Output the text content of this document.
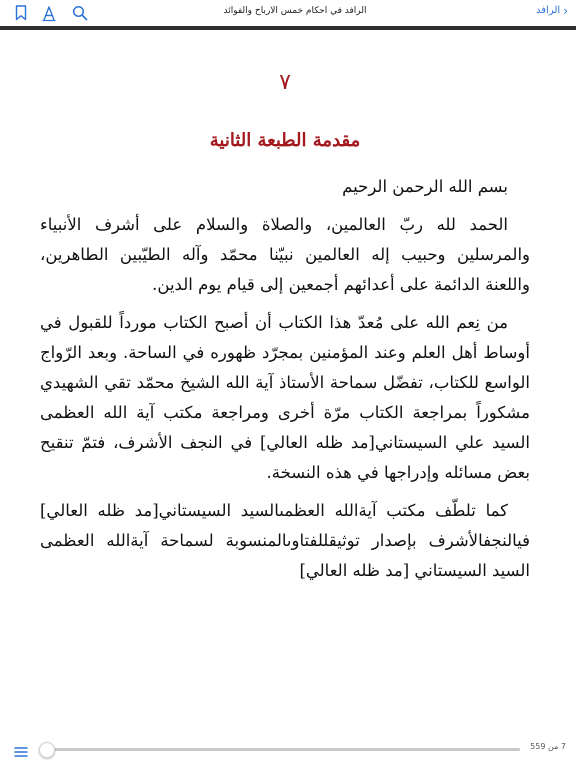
الرافد في أحكام خمس الأرباح والفوائد	‹
الرافد
٧
مقدمة الطبعة الثانية

بسم الله الرحمن الرحيم

الحمد لله ربّ العالمين، والصلاة والسلام على أشرف الأنبياء والمرسلين وحبيب إله العالمين نبيّنا محمّد وآله الطيّبين الطاهرين، واللعنة الدائمة على أعدائهم أجمعين إلى قيام يوم الدين.

من نِعم الله على مُعدّ هذا الكتاب أن أصبح الكتاب مورداً للقبول في أوساط أهل العلم وعند المؤمنين بمجرّد ظهوره في الساحة. وبعد الرّواج الواسع للكتاب، تفضّل سماحة الأستاذ آية الله الشيخ محمّد تقي الشهيدي مشكوراً بمراجعة الكتاب مرّة أخرى ومراجعة مكتب آية الله العظمى السيد علي السيستاني[مد ظله العالي] في النجف الأشرف، فتمّ تنقيح بعض مسائله وإدراجها في هذه النسخة.

كما تلطّف مكتب آيةالله العظمىالسيد السيستاني[مد ظله العالي] فيالنجفالأشرف بإصدار توثيقللفتاوىالمنسوبة لسماحة آيةالله العظمى السيد السيستاني [مد ظله العالي]

7 من 559
